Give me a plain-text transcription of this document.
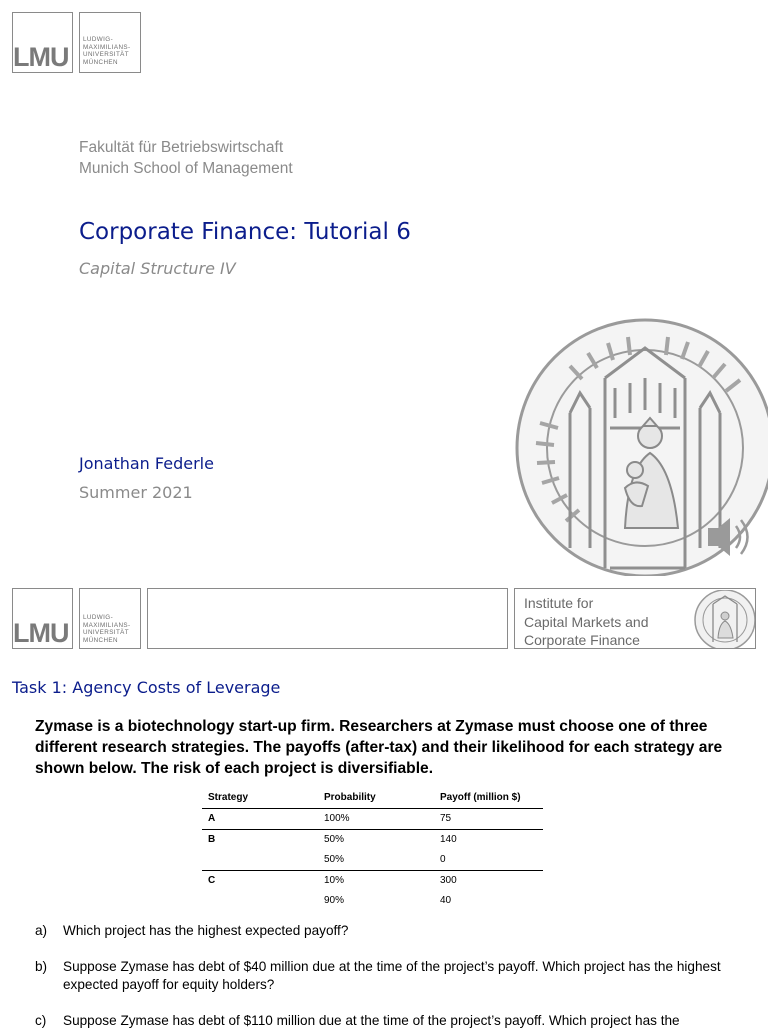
LMU
LUDWIG-
MAXIMILIANS-
UNIVERSITÄT
MÜNCHEN
Fakultät für Betriebswirtschaft
Munich School of Management
Corporate Finance: Tutorial 6
Capital Structure IV
Jonathan Federle
Summer 2021
LMU
LUDWIG-
MAXIMILIANS-
UNIVERSITÄT
MÜNCHEN
Institute for
Capital Markets and
Corporate Finance
Task 1: Agency Costs of Leverage
Zymase is a biotechnology start-up firm. Researchers at Zymase must choose one of three different research strategies. The payoffs (after-tax) and their likelihood for each strategy are shown below. The risk of each project is diversifiable.
Strategy	Probability	Payoff (million $)
A	100%	75
B	50%	140
	50%	0
C	10%	300
	90%	40
a) Which project has the highest expected payoff?
b) Suppose Zymase has debt of $40 million due at the time of the project’s payoff. Which project has the highest expected payoff for equity holders?
c) Suppose Zymase has debt of $110 million due at the time of the project’s payoff. Which project has the
